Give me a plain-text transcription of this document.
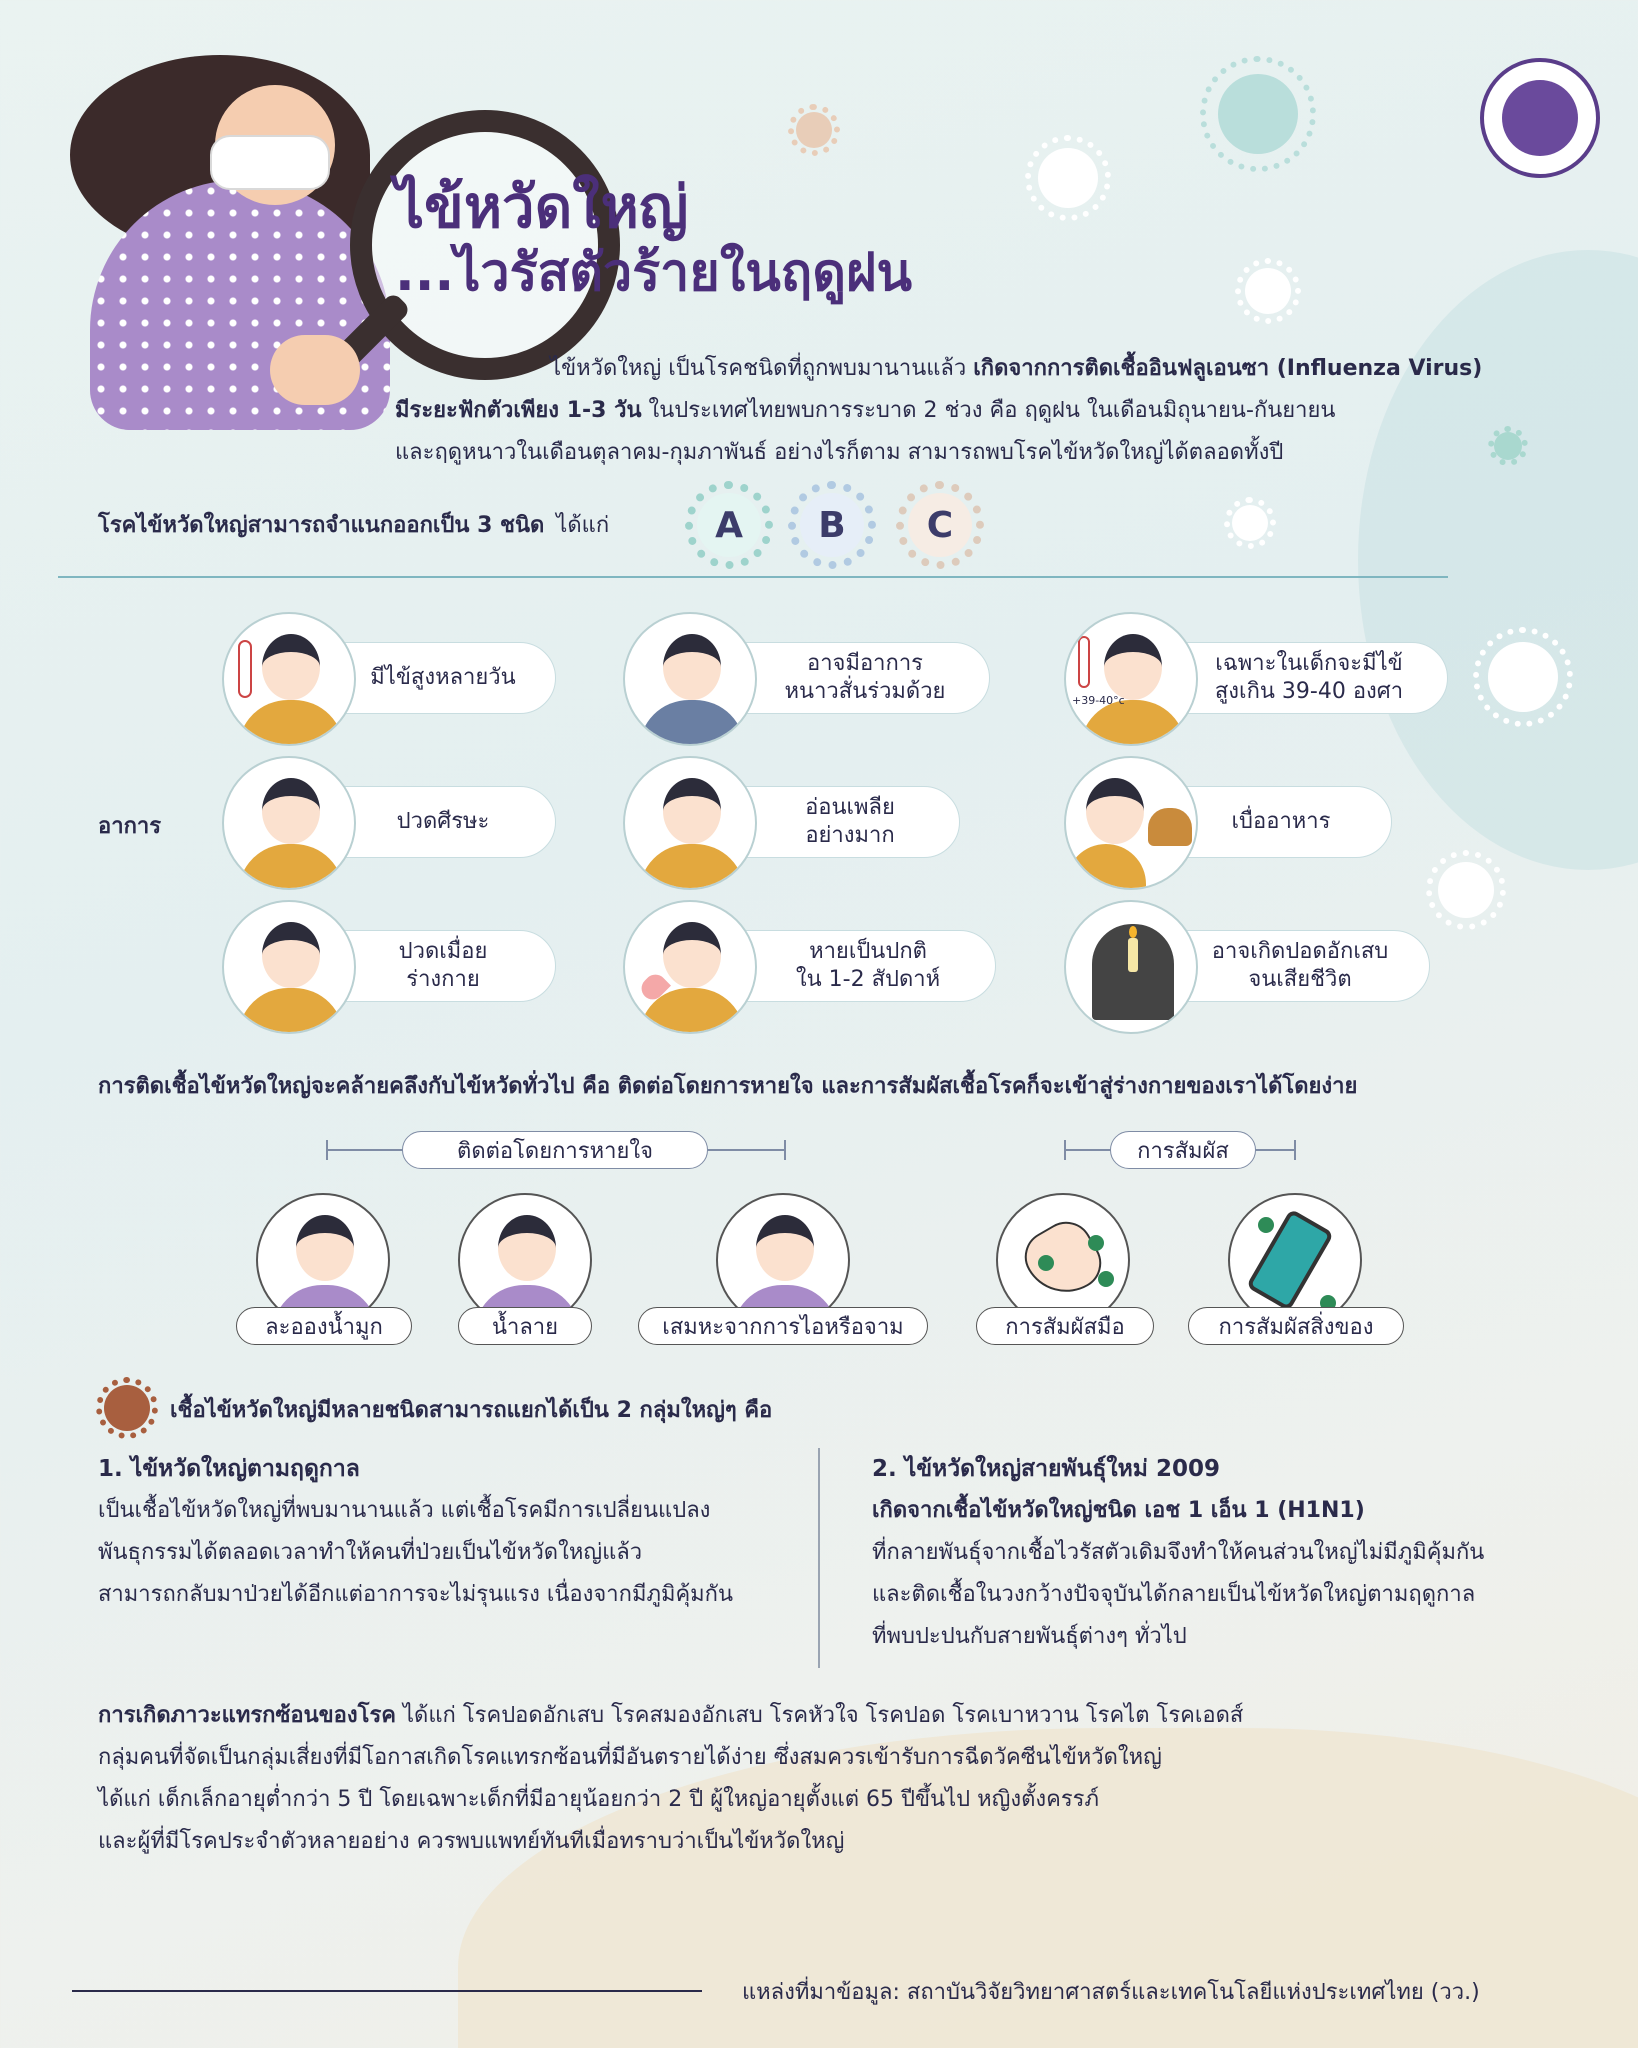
ไข้หวัดใหญ่
...ไวรัสตัวร้ายในฤดูฝน

ไข้หวัดใหญ่ เป็นโรคชนิดที่ถูกพบมานานแล้ว เกิดจากการติดเชื้ออินฟลูเอนซา (Influenza Virus)

มีระยะฟักตัวเพียง 1-3 วัน ในประเทศไทยพบการระบาด 2 ช่วง คือ ฤดูฝน ในเดือนมิถุนายน-กันยายน

และฤดูหนาวในเดือนตุลาคม-กุมภาพันธ์ อย่างไรก็ตาม สามารถพบโรคไข้หวัดใหญ่ได้ตลอดทั้งปี

โรคไข้หวัดใหญ่สามารถจำแนกออกเป็น 3 ชนิด ได้แก่	A B C
อาการ
มีไข้สูงหลายวัน
อาจมีอาการ
หนาวสั่นร่วมด้วย
เฉพาะในเด็กจะมีไข้
สูงเกิน 39-40 องศา
+39-40°c
ปวดศีรษะ
อ่อนเพลีย
อย่างมาก
เบื่ออาหาร
ปวดเมื่อย
ร่างกาย
หายเป็นปกติ
ใน 1-2 สัปดาห์
อาจเกิดปอดอักเสบ
จนเสียชีวิต
การติดเชื้อไข้หวัดใหญ่จะคล้ายคลึงกับไข้หวัดทั่วไป คือ ติดต่อโดยการหายใจ และการสัมผัสเชื้อโรคก็จะเข้าสู่ร่างกายของเราได้โดยง่าย
ติดต่อโดยการหายใจ	การสัมผัส
ละอองน้ำมูก	น้ำลาย	เสมหะจากการไอหรือจาม	การสัมผัสมือ	การสัมผัสสิ่งของ
เชื้อไข้หวัดใหญ่มีหลายชนิดสามารถแยกได้เป็น 2 กลุ่มใหญ่ๆ คือ
1. ไข้หวัดใหญ่ตามฤดูกาล

เป็นเชื้อไข้หวัดใหญ่ที่พบมานานแล้ว แต่เชื้อโรคมีการเปลี่ยนแปลง

พันธุกรรมได้ตลอดเวลาทำให้คนที่ป่วยเป็นไข้หวัดใหญ่แล้ว

สามารถกลับมาป่วยได้อีกแต่อาการจะไม่รุนแรง เนื่องจากมีภูมิคุ้มกัน

2. ไข้หวัดใหญ่สายพันธุ์ใหม่ 2009

เกิดจากเชื้อไข้หวัดใหญ่ชนิด เอช 1 เอ็น 1 (H1N1)

ที่กลายพันธุ์จากเชื้อไวรัสตัวเดิมจึงทำให้คนส่วนใหญ่ไม่มีภูมิคุ้มกัน

และติดเชื้อในวงกว้างปัจจุบันได้กลายเป็นไข้หวัดใหญ่ตามฤดูกาล

ที่พบปะปนกับสายพันธุ์ต่างๆ ทั่วไป

การเกิดภาวะแทรกซ้อนของโรค ได้แก่ โรคปอดอักเสบ โรคสมองอักเสบ โรคหัวใจ โรคปอด โรคเบาหวาน โรคไต โรคเอดส์

กลุ่มคนที่จัดเป็นกลุ่มเสี่ยงที่มีโอกาสเกิดโรคแทรกซ้อนที่มีอันตรายได้ง่าย ซึ่งสมควรเข้ารับการฉีดวัคซีนไข้หวัดใหญ่

ได้แก่ เด็กเล็กอายุต่ำกว่า 5 ปี โดยเฉพาะเด็กที่มีอายุน้อยกว่า 2 ปี ผู้ใหญ่อายุตั้งแต่ 65 ปีขึ้นไป หญิงตั้งครรภ์

และผู้ที่มีโรคประจำตัวหลายอย่าง ควรพบแพทย์ทันทีเมื่อทราบว่าเป็นไข้หวัดใหญ่

แหล่งที่มาข้อมูล: สถาบันวิจัยวิทยาศาสตร์และเทคโนโลยีแห่งประเทศไทย (วว.)
